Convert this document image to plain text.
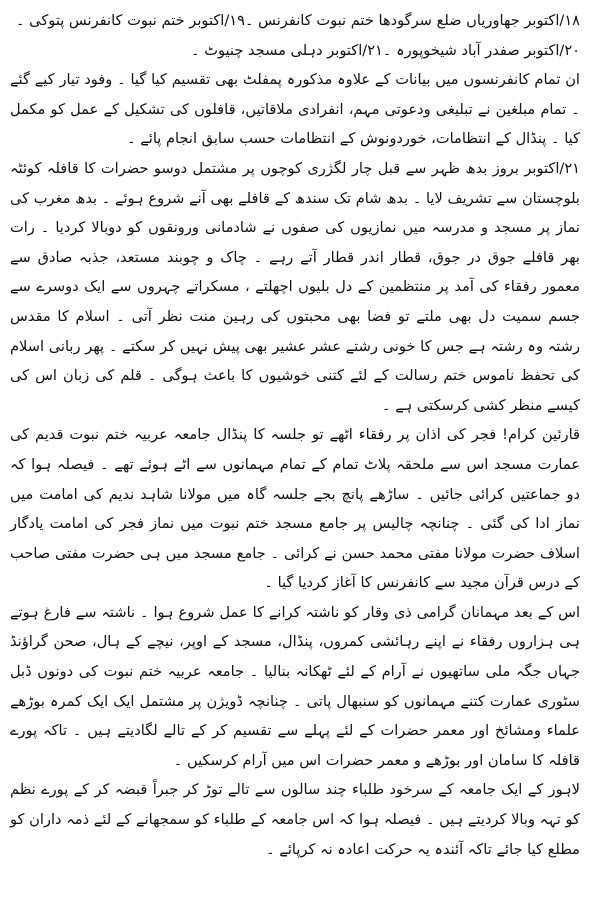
۱۸/اکتوبر جھاوریاں ضلع سرگودھا ختم نبوت کانفرنس ۔۱۹/اکتوبر ختم نبوت کانفرنس پتوکی ۔
۲۰/اکتوبر صفدر آباد شیخوپورہ ۔۲۱/اکتوبر دہلی مسجد چنیوٹ ۔
ان تمام کانفرنسوں میں بیانات کے علاوہ مذکورہ پمفلٹ بھی تقسیم کیا گیا ۔ وفود تیار کیے گئے ۔ تمام مبلغین نے تبلیغی ودعوتی مہم، انفرادی ملاقاتیں، قافلوں کی تشکیل کے عمل کو مکمل کیا ۔ پنڈال کے انتظامات، خوردونوش کے انتظامات حسب سابق انجام پائے ۔
۲۱/اکتوبر بروز بدھ ظہر سے قبل چار لگژری کوچوں پر مشتمل دوسو حضرات کا قافلہ کوئٹہ بلوچستان سے تشریف لایا ۔ بدھ شام تک سندھ کے قافلے بھی آنے شروع ہوئے ۔ بدھ مغرب کی نماز پر مسجد و مدرسہ میں نمازیوں کی صفوں نے شادمانی ورونقوں کو دوبالا کردیا ۔ رات بھر قافلے جوق در جوق، قطار اندر قطار آتے رہے ۔ چاک و چوبند مستعد، جذبہ صادق سے معمور رفقاء کی آمد پر منتظمین کے دل بلیوں اچھلتے ، مسکراتے چہروں سے ایک دوسرے سے جسم سمیت دل بھی ملتے تو فضا بھی محبتوں کی رہین منت نظر آتی ۔ اسلام کا مقدس رشتہ وہ رشتہ ہے جس کا خونی رشتے عشر عشیر بھی پیش نہیں کر سکتے ۔ پھر ربانی اسلام کی تحفظ ناموس ختم رسالت کے لئے کتنی خوشیوں کا باعث ہوگی ۔ قلم کی زبان اس کی کیسے منظر کشی کرسکتی ہے ۔
قارئین کرام! فجر کی اذان پر رفقاء اٹھے تو جلسہ کا پنڈال جامعہ عربیہ ختم نبوت قدیم کی عمارت مسجد اس سے ملحقہ پلاٹ تمام کے تمام مہمانوں سے اٹے ہوئے تھے ۔ فیصلہ ہوا کہ دو جماعتیں کرائی جائیں ۔ ساڑھے پانچ بجے جلسہ گاہ میں مولانا شاہد ندیم کی امامت میں نماز ادا کی گئی ۔ چنانچہ چالیس پر جامع مسجد ختم نبوت میں نماز فجر کی امامت یادگار اسلاف حضرت مولانا مفتی محمد حسن نے کرائی ۔ جامع مسجد میں ہی حضرت مفتی صاحب کے درس قرآن مجید سے کانفرنس کا آغاز کردیا گیا ۔
اس کے بعد مہمانان گرامی ذی وقار کو ناشتہ کرانے کا عمل شروع ہوا ۔ ناشتہ سے فارغ ہوتے ہی ہزاروں رفقاء نے اپنے رہائشی کمروں، پنڈال، مسجد کے اوپر، نیچے کے ہال، صحن گراؤنڈ جہاں جگہ ملی ساتھیوں نے آرام کے لئے ٹھکانہ بنالیا ۔ جامعہ عربیہ ختم نبوت کی دونوں ڈبل سٹوری عمارت کتنے مہمانوں کو سنبھال پاتی ۔ چنانچہ ڈویژن پر مشتمل ایک ایک کمرہ بوڑھے علماء ومشائخ اور معمر حضرات کے لئے پہلے سے تقسیم کر کے تالے لگادیتے ہیں ۔ تاکہ پورے قافلہ کا سامان اور بوڑھے و معمر حضرات اس میں آرام کرسکیں ۔
لاہور کے ایک جامعہ کے سرخود طلباء چند سالوں سے تالے توڑ کر جبراً قبضہ کر کے پورے نظم کو تہہ وبالا کردیتے ہیں ۔ فیصلہ ہوا کہ اس جامعہ کے طلباء کو سمجھانے کے لئے ذمہ داران کو مطلع کیا جائے تاکہ آئندہ یہ حرکت اعادہ نہ کرپائے ۔
